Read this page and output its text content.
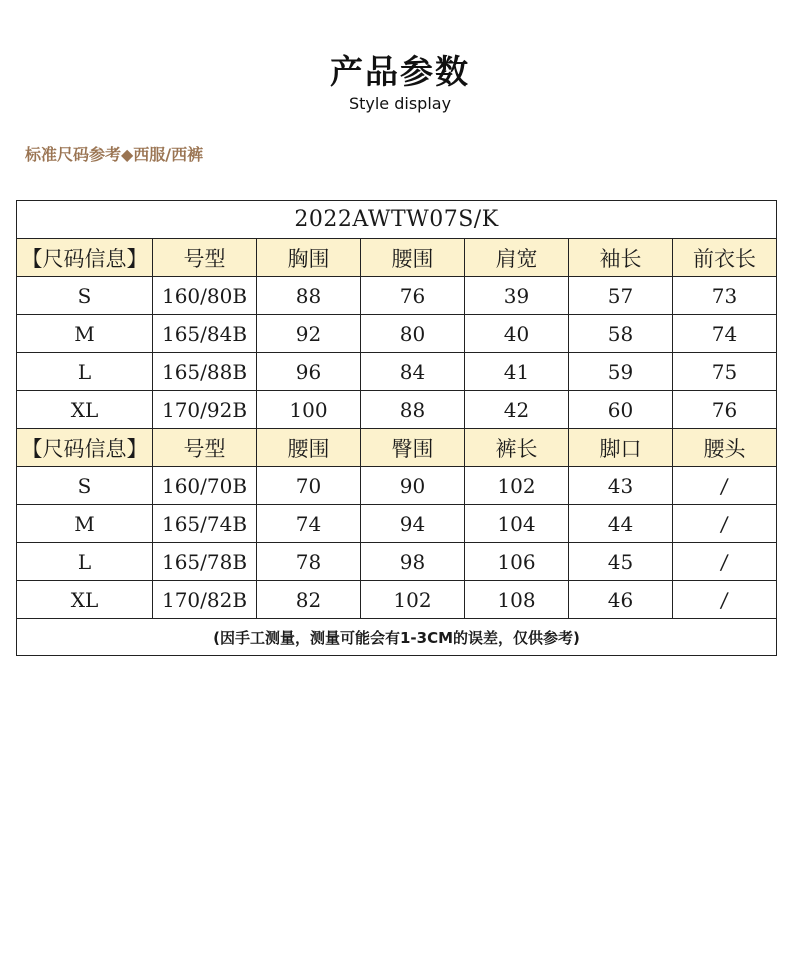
产品参数
Style display
标准尺码参考◆西服/西裤
2022AWTW07S/K						
【尺码信息】	号型	胸围	腰围	肩宽	袖长	前衣长
S	160/80B	88	76	39	57	73
M	165/84B	92	80	40	58	74
L	165/88B	96	84	41	59	75
XL	170/92B	100	88	42	60	76
【尺码信息】	号型	腰围	臀围	裤长	脚口	腰头
S	160/70B	70	90	102	43	/
M	165/74B	74	94	104	44	/
L	165/78B	78	98	106	45	/
XL	170/82B	82	102	108	46	/
(因手工测量，测量可能会有1-3CM的误差，仅供参考)						
